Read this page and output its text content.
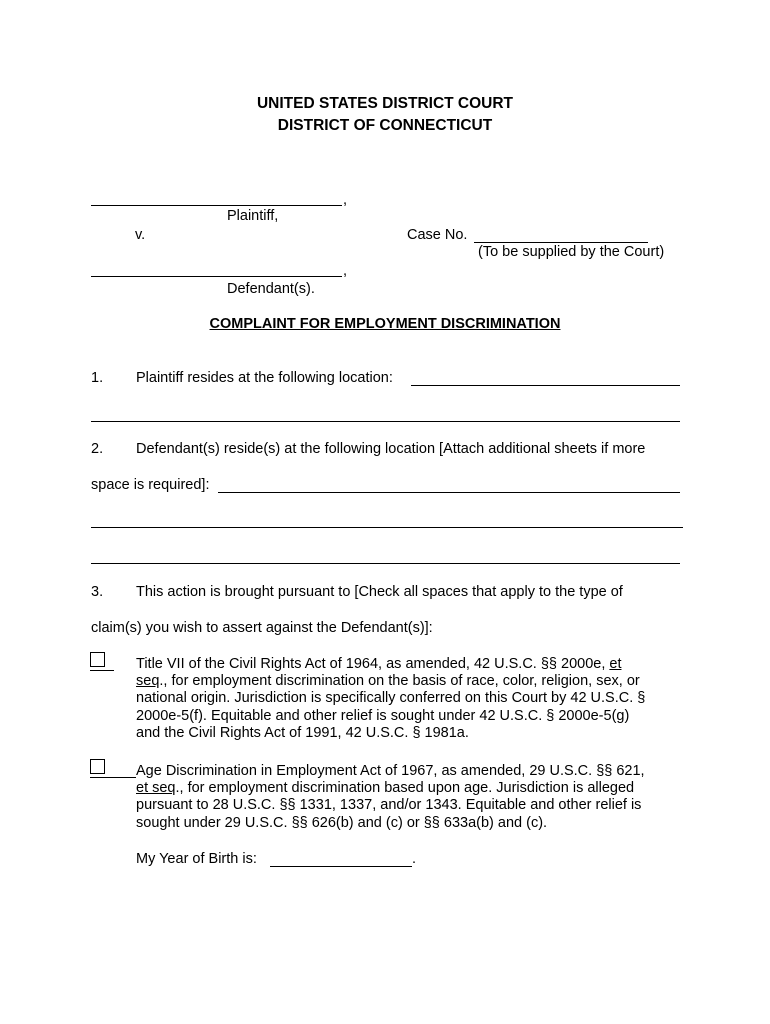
UNITED STATES DISTRICT COURT
DISTRICT OF CONNECTICUT
,
Plaintiff,
v.	Case No.
(To be supplied by the Court)
,
Defendant(s).
COMPLAINT FOR EMPLOYMENT DISCRIMINATION
1. Plaintiff resides at the following location:
2. Defendant(s) reside(s) at the following location [Attach additional sheets if more
space is required]:
3. This action is brought pursuant to [Check all spaces that apply to the type of
claim(s) you wish to assert against the Defendant(s)]:
Title VII of the Civil Rights Act of 1964, as amended, 42 U.S.C. §§ 2000e, et
seq., for employment discrimination on the basis of race, color, religion, sex, or
national origin. Jurisdiction is specifically conferred on this Court by 42 U.S.C. §
2000e-5(f). Equitable and other relief is sought under 42 U.S.C. § 2000e-5(g)
and the Civil Rights Act of 1991, 42 U.S.C. § 1981a.
Age Discrimination in Employment Act of 1967, as amended, 29 U.S.C. §§ 621,
et seq., for employment discrimination based upon age. Jurisdiction is alleged
pursuant to 28 U.S.C. §§ 1331, 1337, and/or 1343. Equitable and other relief is
sought under 29 U.S.C. §§ 626(b) and (c) or §§ 633a(b) and (c).
My Year of Birth is:	.
